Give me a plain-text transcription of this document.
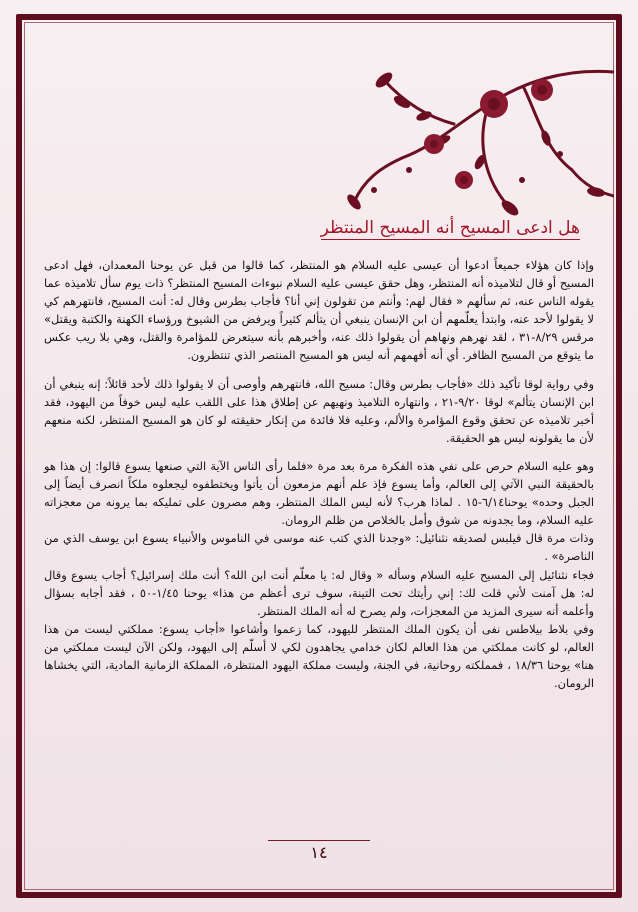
هل ادعى المسيح أنه المسيح المنتظر

وإذا كان هؤلاء جميعاً ادعوا أن عيسى عليه السلام هو المنتظر، كما قالوا من قبل عن يوحنا المعمدان، فهل ادعى المسيح أو قال لتلاميذه أنه المنتظر، وهل حقق عيسى عليه السلام نبوءات المسيح المنتظر؟ ذات يوم سأل تلاميذه عما يقوله الناس عنه، ثم سألهم « فقال لهم: وأنتم من تقولون إني أنا؟ فأجاب بطرس وقال له: أنت المسيح، فانتهرهم كي لا يقولوا لأحد عنه، وابتدأ يعلّمهم أن ابن الإنسان ينبغي أن يتألم كثيراً ويرفض من الشيوخ ورؤساء الكهنة والكتبة ويقتل» مرقس ٨/٢٩-٣١ ، لقد نهرهم ونهاهم أن يقولوا ذلك عنه، وأخبرهم بأنه سيتعرض للمؤامرة والقتل، وهي بلا ريب عكس ما يتوقع من المسيح الظافر. أي أنه أفهمهم أنه ليس هو المسيح المنتصر الذي تنتظرون.

وفي رواية لوقا تأكيد ذلك «فأجاب بطرس وقال: مسيح الله، فانتهرهم وأوصى أن لا يقولوا ذلك لأحد قائلاً: إنه ينبغي أن ابن الإنسان يتألم» لوقا ٩/٢٠-٢١ ، وانتهاره التلاميذ ونهيهم عن إطلاق هذا على اللقب عليه ليس خوفاً من اليهود، فقد أخبر تلاميذه عن تحقق وقوع المؤامرة والألم، وعليه فلا فائدة من إنكار حقيقته لو كان هو المسيح المنتظر، لكنه منعهم لأن ما يقولونه ليس هو الحقيقة.

وهو عليه السلام حرص على نفي هذه الفكرة مرة بعد مرة «فلما رأى الناس الآية التي صنعها يسوع قالوا: إن هذا هو بالحقيقة النبي الآتي إلى العالم، وأما يسوع فإذ علم أنهم مزمعون أن يأتوا ويختطفوه ليجعلوه ملكاً انصرف أيضاً إلى الجبل وحده» يوحنا٦/١٤-١٥ . لماذا هرب؟ لأنه ليس الملك المنتظر، وهم مصرون على تمليكه بما يرونه من معجزاته عليه السلام، وما يجدونه من شوق وأمل بالخلاص من ظلم الرومان.

وذات مرة قال فيلبس لصديقه نثنائيل: «وجدنا الذي كتب عنه موسى في الناموس والأنبياء يسوع ابن يوسف الذي من الناصرة» .

فجاء نثنائيل إلى المسيح عليه السلام وسأله « وقال له: يا معلّم أنت ابن الله؟ أنت ملك إسرائيل؟ أجاب يسوع وقال له: هل آمنت لأني قلت لك: إني رأيتك تحت التينة، سوف ترى أعظم من هذا» يوحنا ١/٤٥-٥٠ ، فقد أجابه بسؤال وأعلمه أنه سيرى المزيد من المعجزات، ولم يصرح له أنه الملك المنتظر.

وفي بلاط بيلاطس نفى أن يكون الملك المنتظر لليهود، كما زعموا وأشاعوا «أجاب يسوع: مملكتي ليست من هذا العالم، لو كانت مملكتي من هذا العالم لكان خدامي يجاهدون لكي لا أسلّم إلى اليهود، ولكن الآن ليست مملكتي من هنا» يوحنا ١٨/٣٦ ، فمملكته روحانية، في الجنة، وليست مملكة اليهود المنتظرة، المملكة الزمانية المادية، التي يخشاها الرومان.

١٤
